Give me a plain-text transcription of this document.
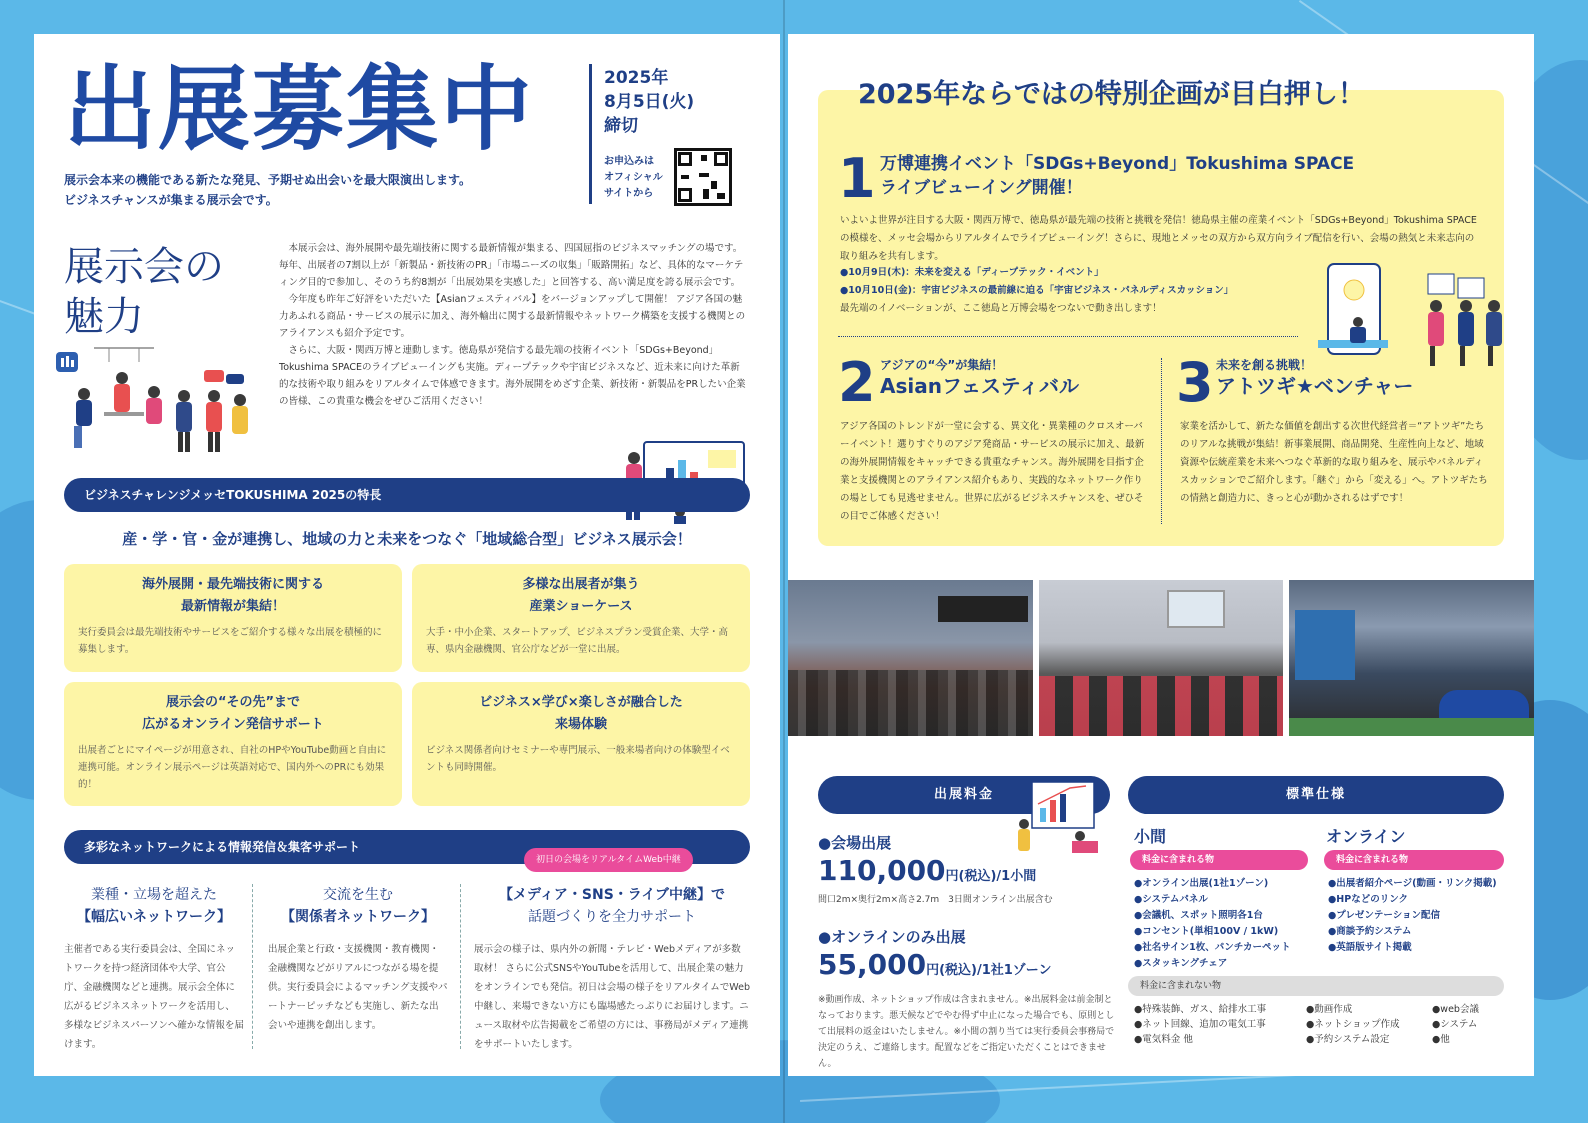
出展募集中
展示会本来の機能である新たな発見、予期せぬ出会いを最大限演出します。
ビジネスチャンスが集まる展示会です。
2025年
8月5日(火)
締切
お申込みは
オフィシャル
サイトから
展示会の
魅力

本展示会は、海外展開や最先端技術に関する最新情報が集まる、四国屈指のビジネスマッチングの場です。毎年、出展者の7割以上が「新製品・新技術のPR」「市場ニーズの収集」「販路開拓」など、具体的なマーケティング目的で参加し、そのうち約8割が「出展効果を実感した」と回答する、高い満足度を誇る展示会です。

今年度も昨年ご好評をいただいた【Asianフェスティバル】をバージョンアップして開催！ アジア各国の魅力あふれる商品・サービスの展示に加え、海外輸出に関する最新情報やネットワーク構築を支援する機関とのアライアンスも紹介予定です。

さらに、大阪・関西万博と連動します。徳島県が発信する最先端の技術イベント「SDGs+Beyond」Tokushima SPACEのライブビューイングも実施。ディープテックや宇宙ビジネスなど、近未来に向けた革新的な技術や取り組みをリアルタイムで体感できます。海外展開をめざす企業、新技術・新製品をPRしたい企業の皆様、この貴重な機会をぜひご活用ください！

ビジネスチャレンジメッセTOKUSHIMA 2025の特長
産・学・官・金が連携し、地域の力と未来をつなぐ「地域総合型」ビジネス展示会！
海外展開・最先端技術に関する
最新情報が集結！

実行委員会は最先端技術やサービスをご紹介する様々な出展を積極的に募集します。

多様な出展者が集う
産業ショーケース

大手・中小企業、スタートアップ、ビジネスプラン受賞企業、大学・高専、県内金融機関、官公庁などが一堂に出展。

展示会の“その先”まで
広がるオンライン発信サポート

出展者ごとにマイページが用意され、自社のHPやYouTube動画と自由に連携可能。オンライン展示ページは英語対応で、国内外へのPRにも効果的！

ビジネス×学び×楽しさが融合した
来場体験

ビジネス関係者向けセミナーや専門展示、一般来場者向けの体験型イベントも同時開催。

多彩なネットワークによる情報発信＆集客サポート
初日の会場をリアルタイムWeb中継
業種・立場を超えた
【幅広いネットワーク】

主催者である実行委員会は、全国にネットワークを持つ経済団体や大学、官公庁、金融機関などと連携。展示会全体に広がるビジネスネットワークを活用し、多様なビジネスパーソンへ確かな情報を届けます。

交流を生む
【関係者ネットワーク】

出展企業と行政・支援機関・教育機関・金融機関などがリアルにつながる場を提供。実行委員会によるマッチング支援やパートナーピッチなども実施し、新たな出会いや連携を創出します。

【メディア・SNS・ライブ中継】で
話題づくりを全力サポート

展示会の様子は、県内外の新聞・テレビ・Webメディアが多数取材！ さらに公式SNSやYouTubeを活用して、出展企業の魅力をオンラインでも発信。初日は会場の様子をリアルタイムでWeb中継し、来場できない方にも臨場感たっぷりにお届けします。ニュース取材や広告掲載をご希望の方には、事務局がメディア連携をサポートいたします。

2025年ならではの特別企画が目白押し！
1 万博連携イベント「SDGs+Beyond」Tokushima SPACE
ライブビューイング開催！
いよいよ世界が注目する大阪・関西万博で、徳島県が最先端の技術と挑戦を発信！徳島県主催の産業イベント「SDGs+Beyond」Tokushima SPACEの模様を、メッセ会場からリアルタイムでライブビューイング！さらに、現地とメッセの双方から双方向ライブ配信を行い、会場の熱気と未来志向の取り組みを共有します。
●10月9日(木)：未来を変える「ディープテック・イベント」
●10月10日(金)：宇宙ビジネスの最前線に迫る「宇宙ビジネス・パネルディスカッション」
最先端のイノベーションが、ここ徳島と万博会場をつないで動き出します！
2 アジアの“今”が集結！
Asianフェスティバル
アジア各国のトレンドが一堂に会する、異文化・異業種のクロスオーバーイベント！選りすぐりのアジア発商品・サービスの展示に加え、最新の海外展開情報をキャッチできる貴重なチャンス。海外展開を目指す企業と支援機関とのアライアンス紹介もあり、実践的なネットワーク作りの場としても見逃せません。世界に広がるビジネスチャンスを、ぜひその目でご体感ください！
3 未来を創る挑戦！
アトツギ★ベンチャー
家業を活かして、新たな価値を創出する次世代経営者＝“アトツギ”たちのリアルな挑戦が集結！新事業展開、商品開発、生産性向上など、地域資源や伝統産業を未来へつなぐ革新的な取り組みを、展示やパネルディスカッションでご紹介します。「継ぐ」から「変える」へ。アトツギたちの情熱と創造力に、きっと心が動かされるはずです！
出展料金
●会場出展
110,000円(税込)/1小間
間口2m×奥行2m×高さ2.7m　3日間オンライン出展含む
●オンラインのみ出展
55,000円(税込)/1社1ゾーン
※動画作成、ネットショップ作成は含まれません。※出展料金は前金制となっております。悪天候などでやむ得ず中止になった場合でも、原則として出展料の返金はいたしません。※小間の割り当ては実行委員会事務局で決定のうえ、ご連絡します。配置などをご指定いただくことはできません。
標準仕様
小間	オンライン
料金に含まれる物	料金に含まれる物
● オンライン出展(1社1ゾーン)
● システムパネル
● 会議机、スポット照明各1台
● コンセント(単相100V / 1kW)
● 社名サイン1枚、パンチカーペット
● スタッキングチェア
● 出展者紹介ページ(動画・リンク掲載)
● HPなどのリンク
● プレゼンテーション配信
● 商談予約システム
● 英語版サイト掲載
料金に含まれない物
● 特殊装飾、ガス、給排水工事
● ネット回線、追加の電気工事
● 電気料金 他
● 動画作成
● ネットショップ作成
● 予約システム設定
● web会議
● システム
● 他
